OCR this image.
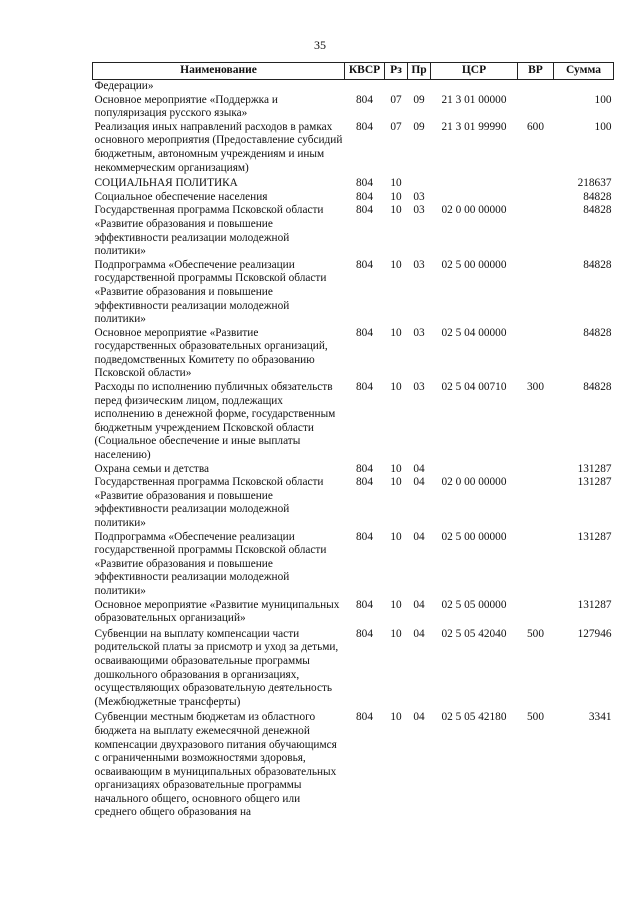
35
Наименование	КВСР	Рз	Пр	ЦСР	ВР	Сумма
Федерации»						
Основное мероприятие «Поддержка и популяризация русского языка»	804	07	09	21 3 01 00000		100
Реализация иных направлений расходов в рамках основного мероприятия (Предоставление субсидий бюджетным, автономным учреждениям и иным некоммерческим организациям)	804	07	09	21 3 01 99990	600	100
СОЦИАЛЬНАЯ ПОЛИТИКА	804	10				218637
Социальное обеспечение населения	804	10	03			84828
Государственная программа Псковской области «Развитие образования и повышение эффективности реализации молодежной политики»	804	10	03	02 0 00 00000		84828
Подпрограмма «Обеспечение реализации государственной программы Псковской области «Развитие образования и повышение эффективности реализации молодежной политики»	804	10	03	02 5 00 00000		84828
Основное мероприятие «Развитие государственных образовательных организаций, подведомственных Комитету по образованию Псковской области»	804	10	03	02 5 04 00000		84828
Расходы по исполнению публичных обязательств перед физическим лицом, подлежащих исполнению в денежной форме, государственным бюджетным учреждением Псковской области (Социальное обеспечение и иные выплаты населению)	804	10	03	02 5 04 00710	300	84828
Охрана семьи и детства	804	10	04			131287
Государственная программа Псковской области «Развитие образования и повышение эффективности реализации молодежной политики»	804	10	04	02 0 00 00000		131287
Подпрограмма «Обеспечение реализации государственной программы Псковской области «Развитие образования и повышение эффективности реализации молодежной политики»	804	10	04	02 5 00 00000		131287
Основное мероприятие «Развитие муниципальных образовательных организаций»	804	10	04	02 5 05 00000		131287
Субвенции на выплату компенсации части родительской платы за присмотр и уход за детьми, осваивающими образовательные программы дошкольного образования в организациях, осуществляющих образовательную деятельность (Межбюджетные трансферты)	804	10	04	02 5 05 42040	500	127946
Субвенции местным бюджетам из областного бюджета на выплату ежемесячной денежной компенсации двухразового питания обучающимся с ограниченными возможностями здоровья, осваивающим в муниципальных образовательных организациях образовательные программы начального общего, основного общего или среднего общего образования на	804	10	04	02 5 05 42180	500	3341
